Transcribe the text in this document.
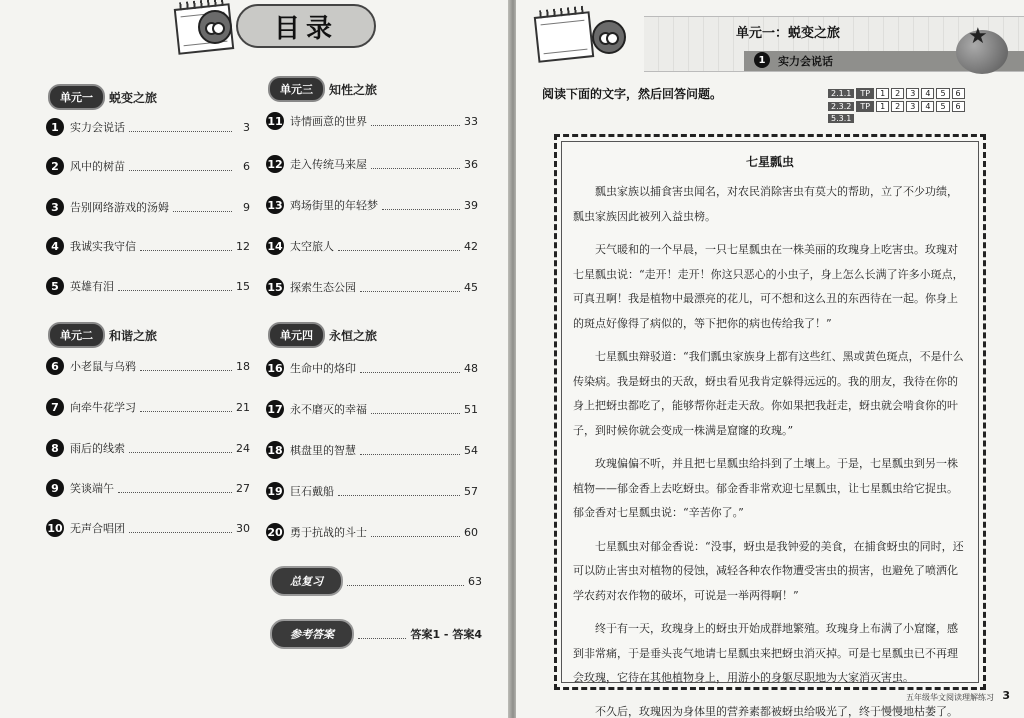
目录
单元一	蜕变之旅
1	实力会说话	3
2	风中的树苗	6
3	告别网络游戏的汤姆	9
4	我诚实我守信	12
5	英雄有泪	15
单元二	和谐之旅
6	小老鼠与乌鸦	18
7	向牵牛花学习	21
8	雨后的线索	24
9	笑谈端午	27
10 无声合唱团	30
单元三	知性之旅
11 诗情画意的世界	33
12 走入传统马来屋	36
13 鸡场街里的年轻梦	39
14 太空旅人	42
15 探索生态公园	45
单元四	永恒之旅
16 生命中的烙印	48
17 永不磨灭的幸福	51
18 棋盘里的智慧	54
19 巨石戴船	57
20 勇于抗战的斗士	60
总复习	63
参考答案	答案1 - 答案4
单元一：蜕变之旅
1	实力会说话
★
阅读下面的文字，然后回答问题。	2.1.1	TP	1	2	3	4	5	6
2.3.2	TP	1	2	3	4	5	6
5.3.1
七星瓢虫

瓢虫家族以捕食害虫闻名，对农民消除害虫有莫大的帮助，立了不少功绩，瓢虫家族因此被列入益虫榜。

天气暖和的一个早晨，一只七星瓢虫在一株美丽的玫瑰身上吃害虫。玫瑰对七星瓢虫说：“走开！走开！你这只恶心的小虫子，身上怎么长满了许多小斑点，可真丑啊！我是植物中最漂亮的花儿，可不想和这么丑的东西待在一起。你身上的斑点好像得了病似的，等下把你的病也传给我了！”

七星瓢虫辩驳道：“我们瓢虫家族身上都有这些红、黑或黄色斑点，不是什么传染病。我是蚜虫的天敌，蚜虫看见我肯定躲得远远的。我的朋友，我待在你的身上把蚜虫都吃了，能够帮你赶走天敌。你如果把我赶走，蚜虫就会啃食你的叶子，到时候你就会变成一株满是窟窿的玫瑰。”

玫瑰偏偏不听，并且把七星瓢虫给抖到了土壤上。于是，七星瓢虫到另一株植物——郁金香上去吃蚜虫。郁金香非常欢迎七星瓢虫，让七星瓢虫给它捉虫。郁金香对七星瓢虫说：“辛苦你了。”

七星瓢虫对郁金香说：“没事，蚜虫是我钟爱的美食，在捕食蚜虫的同时，还可以防止害虫对植物的侵蚀，减轻各种农作物遭受害虫的损害，也避免了喷洒化学农药对农作物的破坏，可说是一举两得啊！”

终于有一天，玫瑰身上的蚜虫开始成群地繁殖。玫瑰身上布满了小窟窿，感到非常痛，于是垂头丧气地请七星瓢虫来把蚜虫消灭掉。可是七星瓢虫已不再理会玫瑰，它待在其他植物身上，用游小的身躯尽职地为大家消灭害虫。

不久后，玫瑰因为身体里的营养素都被蚜虫给吸光了，终于慢慢地枯萎了。

五年级华文阅读理解练习 3
